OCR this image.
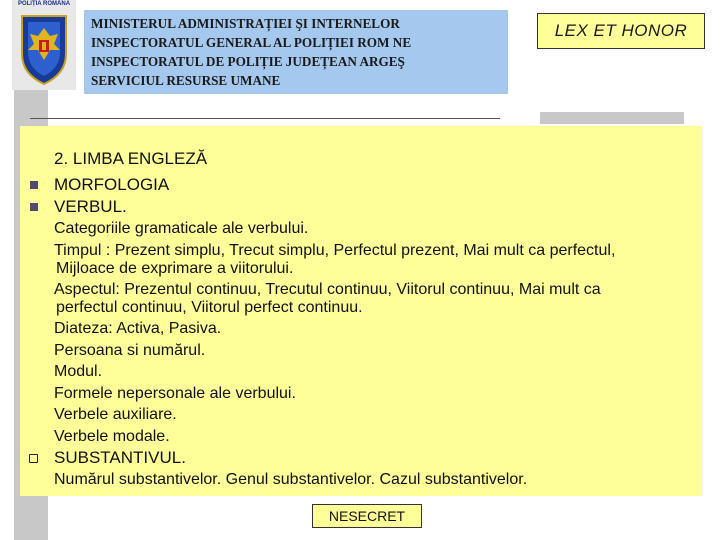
POLIȚIA ROMÂNĂ
MINISTERUL ADMINISTRAȚIEI ŞI INTERNELOR
INSPECTORATUL GENERAL AL POLIȚIEI ROM NE
INSPECTORATUL DE POLIȚIE JUDEȚEAN ARGEŞ
SERVICIUL RESURSE UMANE
LEX ET HONOR
2. LIMBA ENGLEZĂ
MORFOLOGIA
VERBUL.
Categoriile gramaticale ale verbului.
Timpul : Prezent simplu, Trecut simplu, Perfectul prezent, Mai mult ca perfectul,
Mijloace de exprimare a viitorului.
Aspectul: Prezentul continuu, Trecutul continuu, Viitorul continuu, Mai mult ca
perfectul continuu, Viitorul perfect continuu.
Diateza: Activa, Pasiva.
Persoana si numărul.
Modul.
Formele nepersonale ale verbului.
Verbele auxiliare.
Verbele modale.
SUBSTANTIVUL.
Numărul substantivelor. Genul substantivelor. Cazul substantivelor.
NESECRET
